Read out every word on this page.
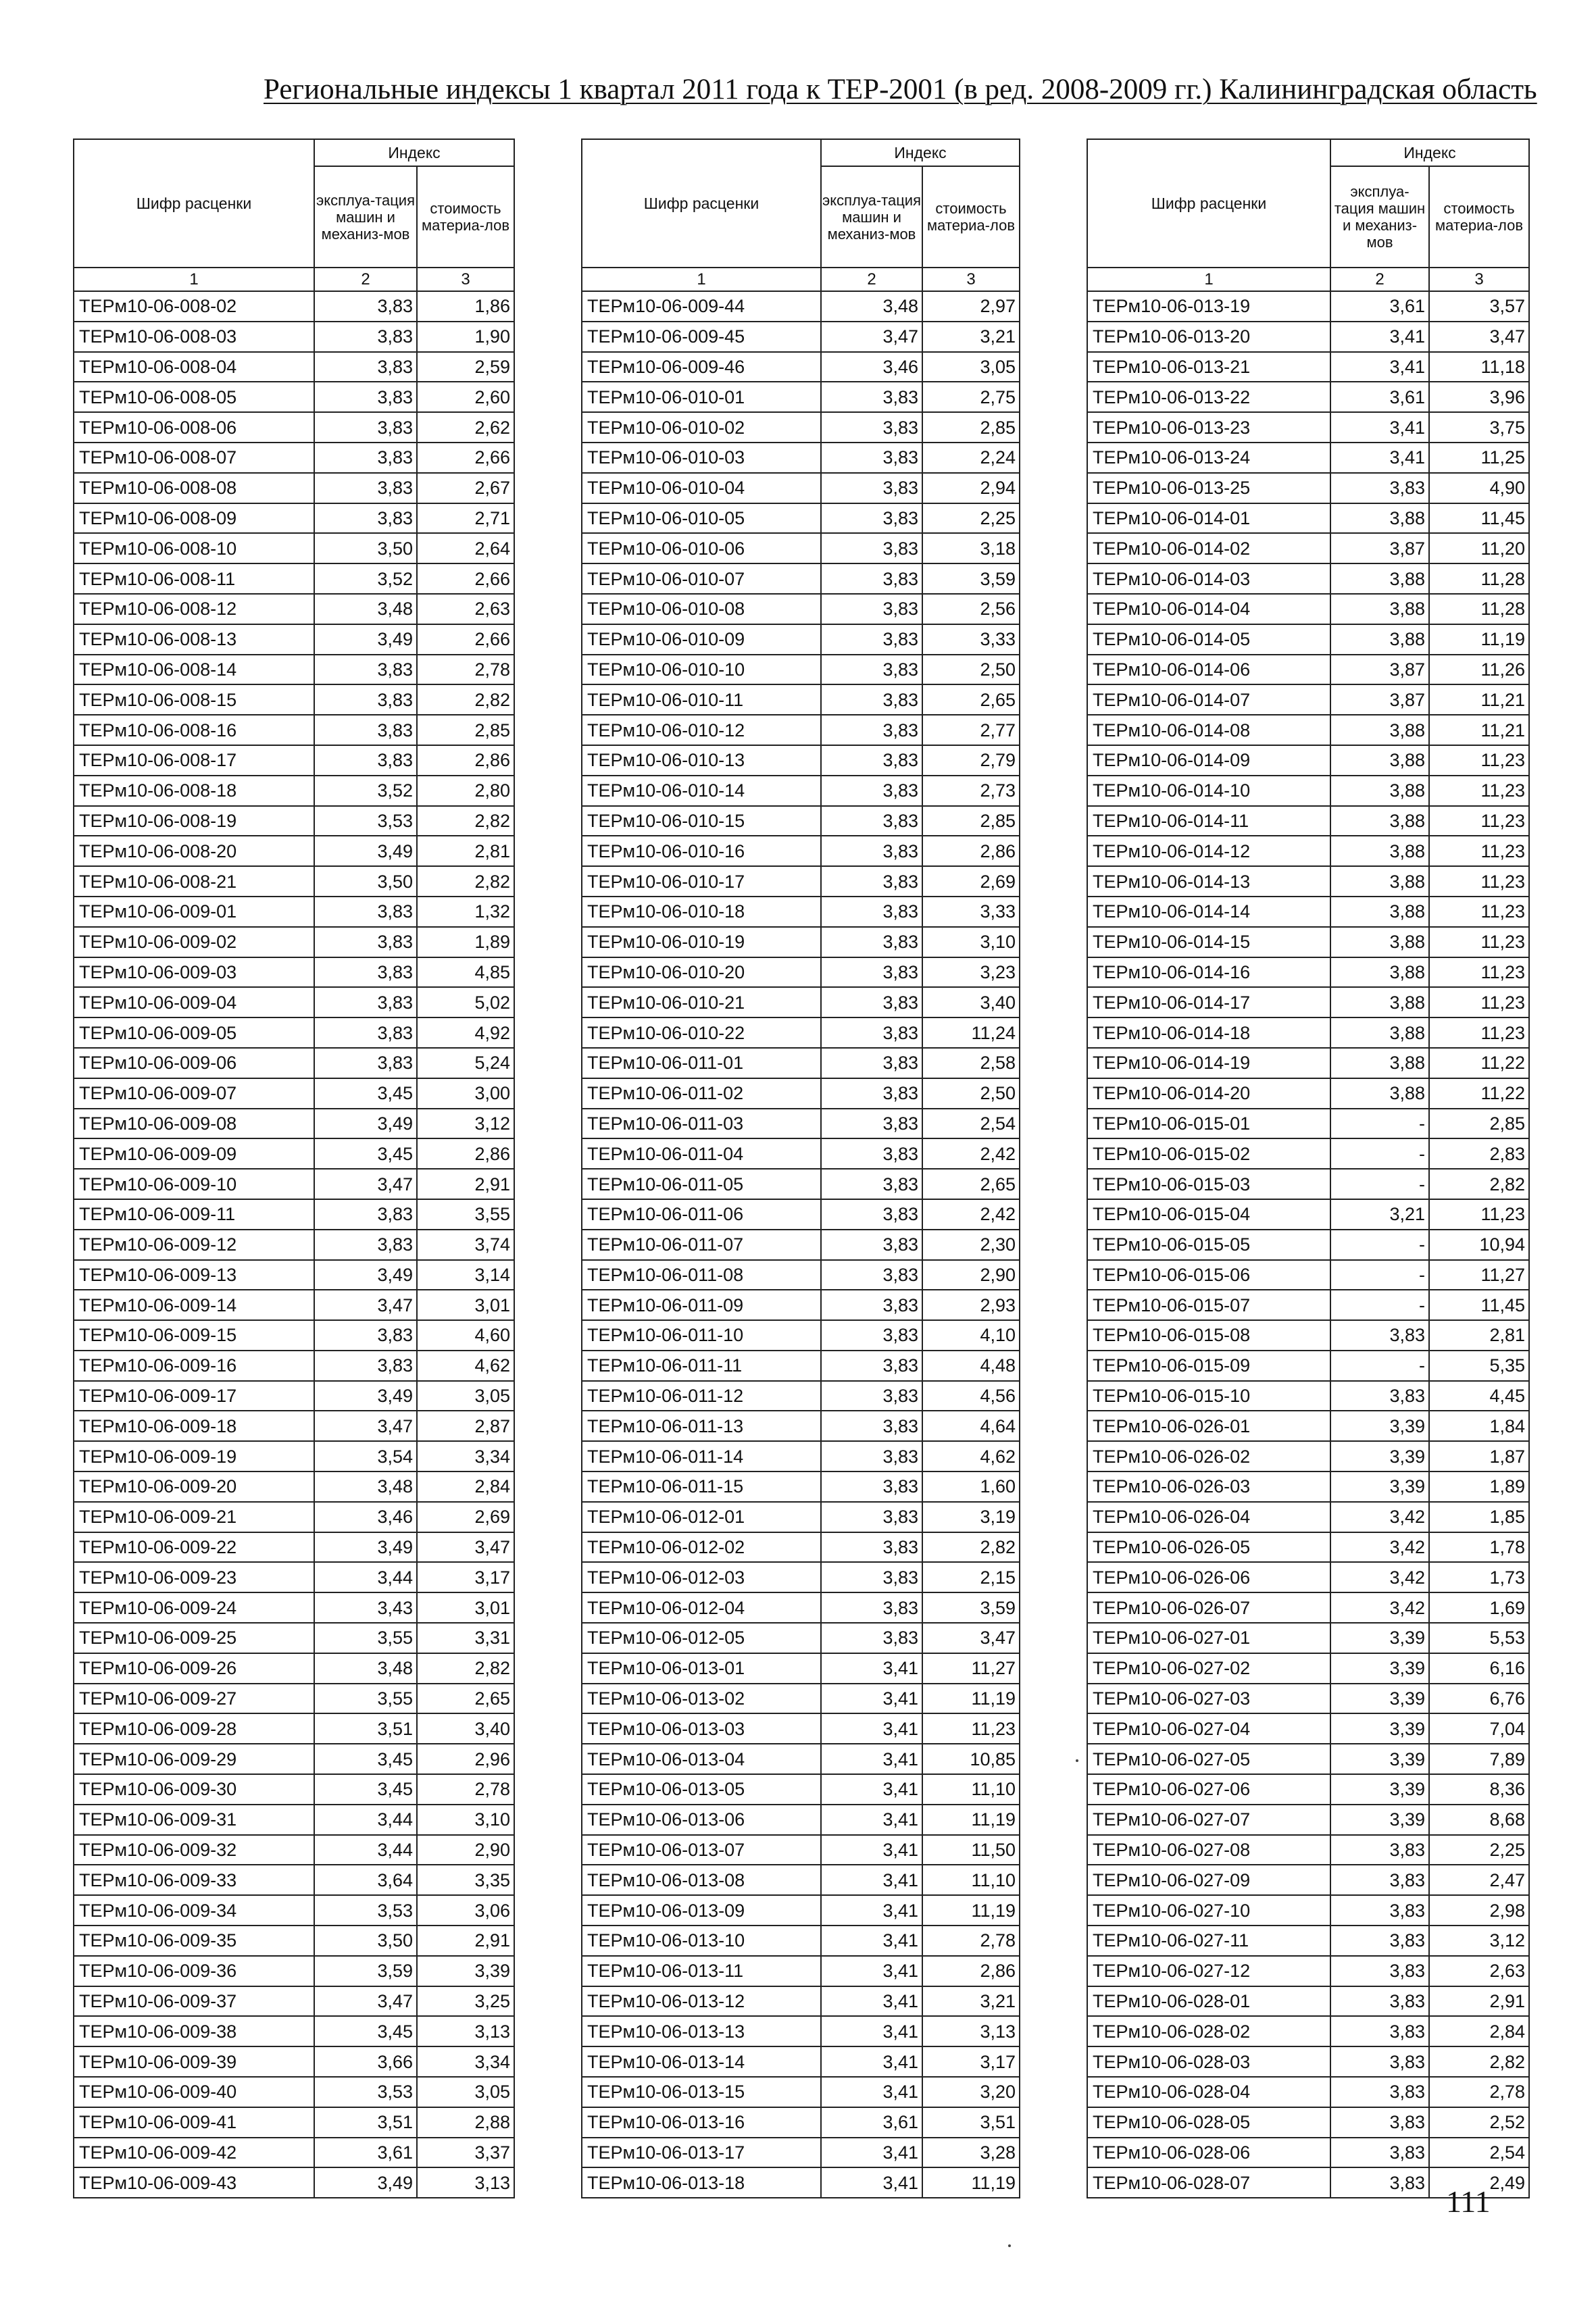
Региональные индексы 1 квартал 2011 года к ТЕР-2001 (в ред. 2008-2009 гг.) Калининградская область
Шифр расценки	Индекс	
	эксплуа-тация машин и механиз-мов	стоимость материа-лов
1	2	3
ТЕРм10-06-008-02	3,83	1,86
ТЕРм10-06-008-03	3,83	1,90
ТЕРм10-06-008-04	3,83	2,59
ТЕРм10-06-008-05	3,83	2,60
ТЕРм10-06-008-06	3,83	2,62
ТЕРм10-06-008-07	3,83	2,66
ТЕРм10-06-008-08	3,83	2,67
ТЕРм10-06-008-09	3,83	2,71
ТЕРм10-06-008-10	3,50	2,64
ТЕРм10-06-008-11	3,52	2,66
ТЕРм10-06-008-12	3,48	2,63
ТЕРм10-06-008-13	3,49	2,66
ТЕРм10-06-008-14	3,83	2,78
ТЕРм10-06-008-15	3,83	2,82
ТЕРм10-06-008-16	3,83	2,85
ТЕРм10-06-008-17	3,83	2,86
ТЕРм10-06-008-18	3,52	2,80
ТЕРм10-06-008-19	3,53	2,82
ТЕРм10-06-008-20	3,49	2,81
ТЕРм10-06-008-21	3,50	2,82
ТЕРм10-06-009-01	3,83	1,32
ТЕРм10-06-009-02	3,83	1,89
ТЕРм10-06-009-03	3,83	4,85
ТЕРм10-06-009-04	3,83	5,02
ТЕРм10-06-009-05	3,83	4,92
ТЕРм10-06-009-06	3,83	5,24
ТЕРм10-06-009-07	3,45	3,00
ТЕРм10-06-009-08	3,49	3,12
ТЕРм10-06-009-09	3,45	2,86
ТЕРм10-06-009-10	3,47	2,91
ТЕРм10-06-009-11	3,83	3,55
ТЕРм10-06-009-12	3,83	3,74
ТЕРм10-06-009-13	3,49	3,14
ТЕРм10-06-009-14	3,47	3,01
ТЕРм10-06-009-15	3,83	4,60
ТЕРм10-06-009-16	3,83	4,62
ТЕРм10-06-009-17	3,49	3,05
ТЕРм10-06-009-18	3,47	2,87
ТЕРм10-06-009-19	3,54	3,34
ТЕРм10-06-009-20	3,48	2,84
ТЕРм10-06-009-21	3,46	2,69
ТЕРм10-06-009-22	3,49	3,47
ТЕРм10-06-009-23	3,44	3,17
ТЕРм10-06-009-24	3,43	3,01
ТЕРм10-06-009-25	3,55	3,31
ТЕРм10-06-009-26	3,48	2,82
ТЕРм10-06-009-27	3,55	2,65
ТЕРм10-06-009-28	3,51	3,40
ТЕРм10-06-009-29	3,45	2,96
ТЕРм10-06-009-30	3,45	2,78
ТЕРм10-06-009-31	3,44	3,10
ТЕРм10-06-009-32	3,44	2,90
ТЕРм10-06-009-33	3,64	3,35
ТЕРм10-06-009-34	3,53	3,06
ТЕРм10-06-009-35	3,50	2,91
ТЕРм10-06-009-36	3,59	3,39
ТЕРм10-06-009-37	3,47	3,25
ТЕРм10-06-009-38	3,45	3,13
ТЕРм10-06-009-39	3,66	3,34
ТЕРм10-06-009-40	3,53	3,05
ТЕРм10-06-009-41	3,51	2,88
ТЕРм10-06-009-42	3,61	3,37
ТЕРм10-06-009-43	3,49	3,13
Шифр расценки	Индекс	
	эксплуа-тация машин и механиз-мов	стоимость материа-лов
1	2	3
ТЕРм10-06-009-44	3,48	2,97
ТЕРм10-06-009-45	3,47	3,21
ТЕРм10-06-009-46	3,46	3,05
ТЕРм10-06-010-01	3,83	2,75
ТЕРм10-06-010-02	3,83	2,85
ТЕРм10-06-010-03	3,83	2,24
ТЕРм10-06-010-04	3,83	2,94
ТЕРм10-06-010-05	3,83	2,25
ТЕРм10-06-010-06	3,83	3,18
ТЕРм10-06-010-07	3,83	3,59
ТЕРм10-06-010-08	3,83	2,56
ТЕРм10-06-010-09	3,83	3,33
ТЕРм10-06-010-10	3,83	2,50
ТЕРм10-06-010-11	3,83	2,65
ТЕРм10-06-010-12	3,83	2,77
ТЕРм10-06-010-13	3,83	2,79
ТЕРм10-06-010-14	3,83	2,73
ТЕРм10-06-010-15	3,83	2,85
ТЕРм10-06-010-16	3,83	2,86
ТЕРм10-06-010-17	3,83	2,69
ТЕРм10-06-010-18	3,83	3,33
ТЕРм10-06-010-19	3,83	3,10
ТЕРм10-06-010-20	3,83	3,23
ТЕРм10-06-010-21	3,83	3,40
ТЕРм10-06-010-22	3,83	11,24
ТЕРм10-06-011-01	3,83	2,58
ТЕРм10-06-011-02	3,83	2,50
ТЕРм10-06-011-03	3,83	2,54
ТЕРм10-06-011-04	3,83	2,42
ТЕРм10-06-011-05	3,83	2,65
ТЕРм10-06-011-06	3,83	2,42
ТЕРм10-06-011-07	3,83	2,30
ТЕРм10-06-011-08	3,83	2,90
ТЕРм10-06-011-09	3,83	2,93
ТЕРм10-06-011-10	3,83	4,10
ТЕРм10-06-011-11	3,83	4,48
ТЕРм10-06-011-12	3,83	4,56
ТЕРм10-06-011-13	3,83	4,64
ТЕРм10-06-011-14	3,83	4,62
ТЕРм10-06-011-15	3,83	1,60
ТЕРм10-06-012-01	3,83	3,19
ТЕРм10-06-012-02	3,83	2,82
ТЕРм10-06-012-03	3,83	2,15
ТЕРм10-06-012-04	3,83	3,59
ТЕРм10-06-012-05	3,83	3,47
ТЕРм10-06-013-01	3,41	11,27
ТЕРм10-06-013-02	3,41	11,19
ТЕРм10-06-013-03	3,41	11,23
ТЕРм10-06-013-04	3,41	10,85
ТЕРм10-06-013-05	3,41	11,10
ТЕРм10-06-013-06	3,41	11,19
ТЕРм10-06-013-07	3,41	11,50
ТЕРм10-06-013-08	3,41	11,10
ТЕРм10-06-013-09	3,41	11,19
ТЕРм10-06-013-10	3,41	2,78
ТЕРм10-06-013-11	3,41	2,86
ТЕРм10-06-013-12	3,41	3,21
ТЕРм10-06-013-13	3,41	3,13
ТЕРм10-06-013-14	3,41	3,17
ТЕРм10-06-013-15	3,41	3,20
ТЕРм10-06-013-16	3,61	3,51
ТЕРм10-06-013-17	3,41	3,28
ТЕРм10-06-013-18	3,41	11,19
Шифр расценки	Индекс	
	эксплуа-тация машин и механиз-мов	стоимость материа-лов
1	2	3
ТЕРм10-06-013-19	3,61	3,57
ТЕРм10-06-013-20	3,41	3,47
ТЕРм10-06-013-21	3,41	11,18
ТЕРм10-06-013-22	3,61	3,96
ТЕРм10-06-013-23	3,41	3,75
ТЕРм10-06-013-24	3,41	11,25
ТЕРм10-06-013-25	3,83	4,90
ТЕРм10-06-014-01	3,88	11,45
ТЕРм10-06-014-02	3,87	11,20
ТЕРм10-06-014-03	3,88	11,28
ТЕРм10-06-014-04	3,88	11,28
ТЕРм10-06-014-05	3,88	11,19
ТЕРм10-06-014-06	3,87	11,26
ТЕРм10-06-014-07	3,87	11,21
ТЕРм10-06-014-08	3,88	11,21
ТЕРм10-06-014-09	3,88	11,23
ТЕРм10-06-014-10	3,88	11,23
ТЕРм10-06-014-11	3,88	11,23
ТЕРм10-06-014-12	3,88	11,23
ТЕРм10-06-014-13	3,88	11,23
ТЕРм10-06-014-14	3,88	11,23
ТЕРм10-06-014-15	3,88	11,23
ТЕРм10-06-014-16	3,88	11,23
ТЕРм10-06-014-17	3,88	11,23
ТЕРм10-06-014-18	3,88	11,23
ТЕРм10-06-014-19	3,88	11,22
ТЕРм10-06-014-20	3,88	11,22
ТЕРм10-06-015-01	-	2,85
ТЕРм10-06-015-02	-	2,83
ТЕРм10-06-015-03	-	2,82
ТЕРм10-06-015-04	3,21	11,23
ТЕРм10-06-015-05	-	10,94
ТЕРм10-06-015-06	-	11,27
ТЕРм10-06-015-07	-	11,45
ТЕРм10-06-015-08	3,83	2,81
ТЕРм10-06-015-09	-	5,35
ТЕРм10-06-015-10	3,83	4,45
ТЕРм10-06-026-01	3,39	1,84
ТЕРм10-06-026-02	3,39	1,87
ТЕРм10-06-026-03	3,39	1,89
ТЕРм10-06-026-04	3,42	1,85
ТЕРм10-06-026-05	3,42	1,78
ТЕРм10-06-026-06	3,42	1,73
ТЕРм10-06-026-07	3,42	1,69
ТЕРм10-06-027-01	3,39	5,53
ТЕРм10-06-027-02	3,39	6,16
ТЕРм10-06-027-03	3,39	6,76
ТЕРм10-06-027-04	3,39	7,04
ТЕРм10-06-027-05	3,39	7,89
ТЕРм10-06-027-06	3,39	8,36
ТЕРм10-06-027-07	3,39	8,68
ТЕРм10-06-027-08	3,83	2,25
ТЕРм10-06-027-09	3,83	2,47
ТЕРм10-06-027-10	3,83	2,98
ТЕРм10-06-027-11	3,83	3,12
ТЕРм10-06-027-12	3,83	2,63
ТЕРм10-06-028-01	3,83	2,91
ТЕРм10-06-028-02	3,83	2,84
ТЕРм10-06-028-03	3,83	2,82
ТЕРм10-06-028-04	3,83	2,78
ТЕРм10-06-028-05	3,83	2,52
ТЕРм10-06-028-06	3,83	2,54
ТЕРм10-06-028-07	3,83	2,49
111
